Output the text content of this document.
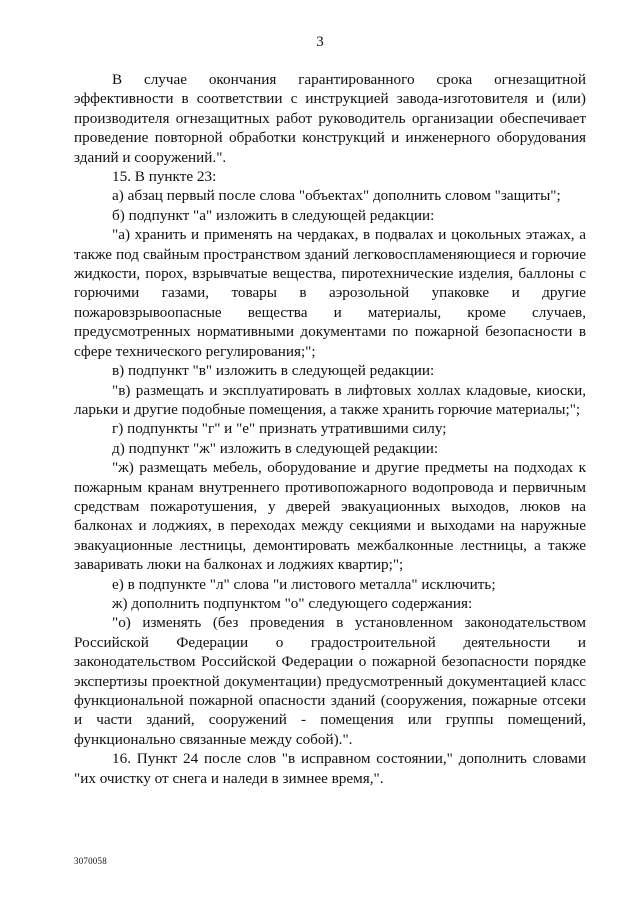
3

В случае окончания гарантированного срока огнезащитной эффективности в соответствии с инструкцией завода-изготовителя и (или) производителя огнезащитных работ руководитель организации обеспечивает проведение повторной обработки конструкций и инженерного оборудования зданий и сооружений.".

15. В пункте 23:

а) абзац первый после слова "объектах" дополнить словом "защиты";

б) подпункт "а" изложить в следующей редакции:

"а) хранить и применять на чердаках, в подвалах и цокольных этажах, а также под свайным пространством зданий легковоспламеняющиеся и горючие жидкости, порох, взрывчатые вещества, пиротехнические изделия, баллоны с горючими газами, товары в аэрозольной упаковке и другие пожаровзрывоопасные вещества и материалы, кроме случаев, предусмотренных нормативными документами по пожарной безопасности в сфере технического регулирования;";

в) подпункт "в" изложить в следующей редакции:

"в) размещать и эксплуатировать в лифтовых холлах кладовые, киоски, ларьки и другие подобные помещения, а также хранить горючие материалы;";

г) подпункты "г" и "е" признать утратившими силу;

д) подпункт "ж" изложить в следующей редакции:

"ж) размещать мебель, оборудование и другие предметы на подходах к пожарным кранам внутреннего противопожарного водопровода и первичным средствам пожаротушения, у дверей эвакуационных выходов, люков на балконах и лоджиях, в переходах между секциями и выходами на наружные эвакуационные лестницы, демонтировать межбалконные лестницы, а также заваривать люки на балконах и лоджиях квартир;";

е) в подпункте "л" слова "и листового металла" исключить;

ж) дополнить подпунктом "о" следующего содержания:

"о) изменять (без проведения в установленном законодательством Российской Федерации о градостроительной деятельности и законодательством Российской Федерации о пожарной безопасности порядке экспертизы проектной документации) предусмотренный документацией класс функциональной пожарной опасности зданий (сооружения, пожарные отсеки и части зданий, сооружений - помещения или группы помещений, функционально связанные между собой).".

16. Пункт 24 после слов "в исправном состоянии," дополнить словами "их очистку от снега и наледи в зимнее время,".

3070058
